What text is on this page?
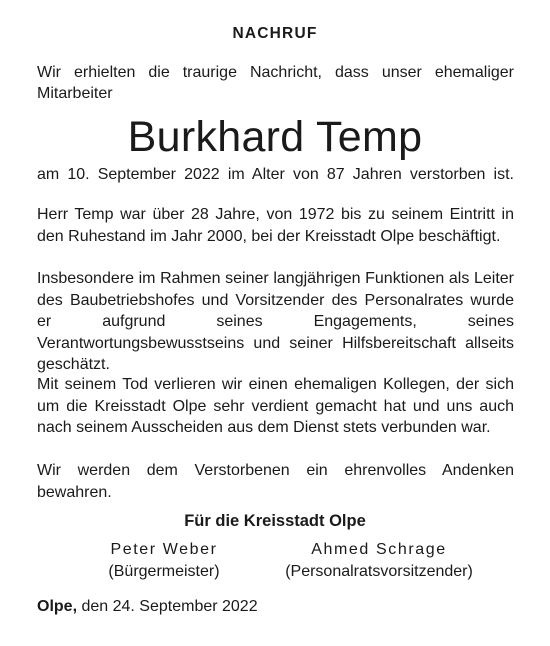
NACHRUF
Wir erhielten die traurige Nachricht, dass unser ehemaliger
Mitarbeiter
Burkhard Temp
am 10. September 2022 im Alter von 87 Jahren verstorben ist.
Herr Temp war über 28 Jahre, von 1972 bis zu seinem Eintritt in den Ruhestand im Jahr 2000, bei der Kreisstadt Olpe beschäftigt.
Insbesondere im Rahmen seiner langjährigen Funktionen als Leiter des Baubetriebshofes und Vorsitzender des Personalrates wurde er aufgrund seines Engagements, seines Verantwortungsbewusstseins und seiner Hilfsbereitschaft allseits geschätzt.
Mit seinem Tod verlieren wir einen ehemaligen Kollegen, der sich um die Kreisstadt Olpe sehr verdient gemacht hat und uns auch nach seinem Ausscheiden aus dem Dienst stets verbunden war.
Wir werden dem Verstorbenen ein ehrenvolles Andenken bewahren.
Für die Kreisstadt Olpe
Peter Weber
(Bürgermeister)
Ahmed Schrage
(Personalratsvorsitzender)
Olpe, den 24. September 2022
